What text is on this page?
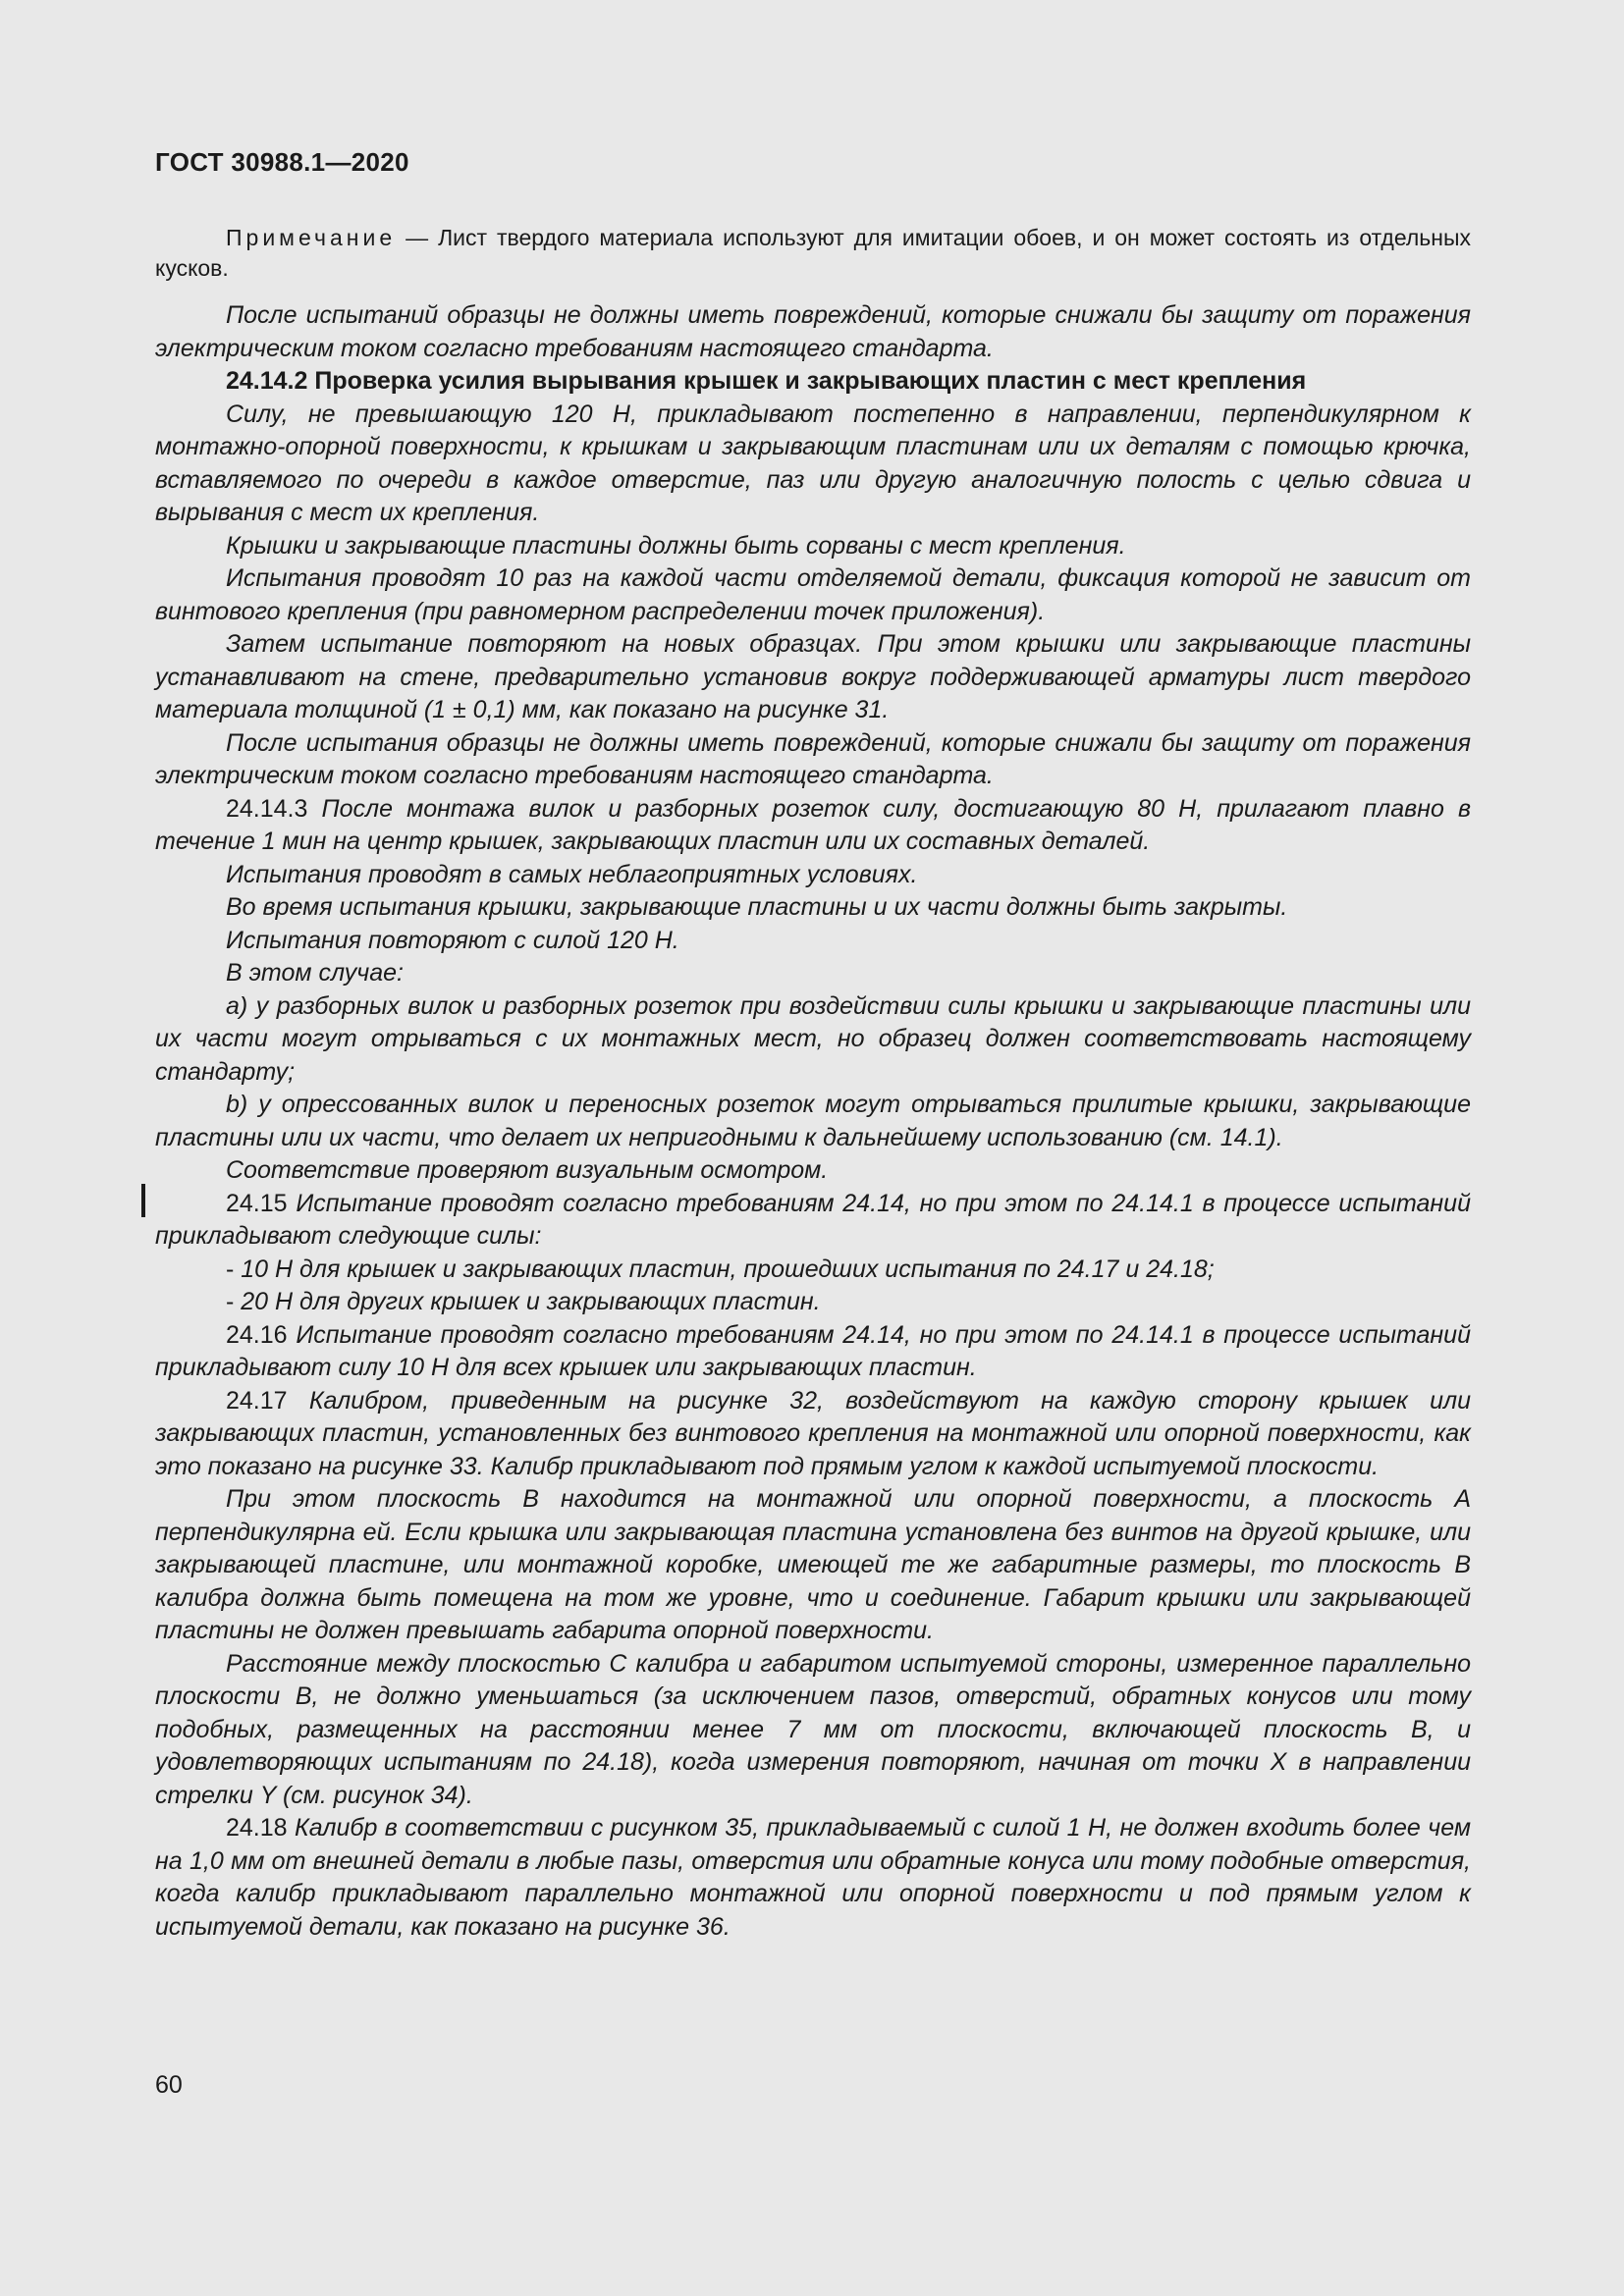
ГОСТ 30988.1—2020

Примечание — Лист твердого материала используют для имитации обоев, и он может состоять из отдельных кусков.

После испытаний образцы не должны иметь повреждений, которые снижали бы защиту от поражения электрическим током согласно требованиям настоящего стандарта.

24.14.2 Проверка усилия вырывания крышек и закрывающих пластин с мест крепления

Силу, не превышающую 120 Н, прикладывают постепенно в направлении, перпендикулярном к монтажно-опорной поверхности, к крышкам и закрывающим пластинам или их деталям с помощью крючка, вставляемого по очереди в каждое отверстие, паз или другую аналогичную полость с целью сдвига и вырывания с мест их крепления.

Крышки и закрывающие пластины должны быть сорваны с мест крепления.

Испытания проводят 10 раз на каждой части отделяемой детали, фиксация которой не зависит от винтового крепления (при равномерном распределении точек приложения).

Затем испытание повторяют на новых образцах. При этом крышки или закрывающие пластины устанавливают на стене, предварительно установив вокруг поддерживающей арматуры лист твердого материала толщиной (1 ± 0,1) мм, как показано на рисунке 31.

После испытания образцы не должны иметь повреждений, которые снижали бы защиту от поражения электрическим током согласно требованиям настоящего стандарта.

24.14.3 После монтажа вилок и разборных розеток силу, достигающую 80 Н, прилагают плавно в течение 1 мин на центр крышек, закрывающих пластин или их составных деталей.

Испытания проводят в самых неблагоприятных условиях.

Во время испытания крышки, закрывающие пластины и их части должны быть закрыты.

Испытания повторяют с силой 120 Н.

В этом случае:

a) у разборных вилок и разборных розеток при воздействии силы крышки и закрывающие пластины или их части могут отрываться с их монтажных мест, но образец должен соответствовать настоящему стандарту;

b) у опрессованных вилок и переносных розеток могут отрываться прилитые крышки, закрывающие пластины или их части, что делает их непригодными к дальнейшему использованию (см. 14.1).

Соответствие проверяют визуальным осмотром.

24.15 Испытание проводят согласно требованиям 24.14, но при этом по 24.14.1 в процессе испытаний прикладывают следующие силы:

- 10 Н для крышек и закрывающих пластин, прошедших испытания по 24.17 и 24.18;

- 20 Н для других крышек и закрывающих пластин.

24.16 Испытание проводят согласно требованиям 24.14, но при этом по 24.14.1 в процессе испытаний прикладывают силу 10 Н для всех крышек или закрывающих пластин.

24.17 Калибром, приведенным на рисунке 32, воздействуют на каждую сторону крышек или закрывающих пластин, установленных без винтового крепления на монтажной или опорной поверхности, как это показано на рисунке 33. Калибр прикладывают под прямым углом к каждой испытуемой плоскости.

При этом плоскость B находится на монтажной или опорной поверхности, а плоскость A перпендикулярна ей. Если крышка или закрывающая пластина установлена без винтов на другой крышке, или закрывающей пластине, или монтажной коробке, имеющей те же габаритные размеры, то плоскость B калибра должна быть помещена на том же уровне, что и соединение. Габарит крышки или закрывающей пластины не должен превышать габарита опорной поверхности.

Расстояние между плоскостью C калибра и габаритом испытуемой стороны, измеренное параллельно плоскости B, не должно уменьшаться (за исключением пазов, отверстий, обратных конусов или тому подобных, размещенных на расстоянии менее 7 мм от плоскости, включающей плоскость B, и удовлетворяющих испытаниям по 24.18), когда измерения повторяют, начиная от точки X в направлении стрелки Y (см. рисунок 34).

24.18 Калибр в соответствии с рисунком 35, прикладываемый с силой 1 Н, не должен входить более чем на 1,0 мм от внешней детали в любые пазы, отверстия или обратные конуса или тому подобные отверстия, когда калибр прикладывают параллельно монтажной или опорной поверхности и под прямым углом к испытуемой детали, как показано на рисунке 36.

60
